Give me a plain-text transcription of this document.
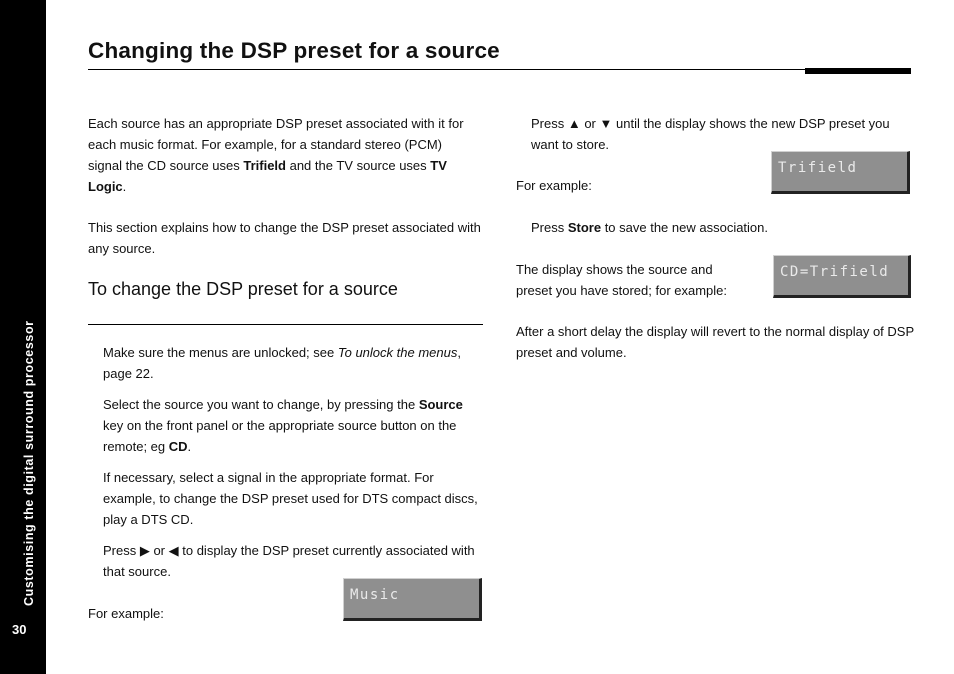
Customising the digital surround processor
30
Changing the DSP preset for a source

Each source has an appropriate DSP preset associated with it for each music format. For example, for a standard stereo (PCM) signal the CD source uses Trifield and the TV source uses TV Logic.

This section explains how to change the DSP preset associated with any source.

To change the DSP preset for a source

Make sure the menus are unlocked; see To unlock the menus, page 22.

Select the source you want to change, by pressing the Source key on the front panel or the appropriate source button on the remote; eg CD.

If necessary, select a signal in the appropriate format. For example, to change the DSP preset used for DTS compact discs, play a DTS CD.

Press ▶ or ◀ to display the DSP preset currently associated with that source.

For example:

Music

Press ▲ or ▼ until the display shows the new DSP preset you want to store.

For example:

Trifield

Press Store to save the new association.

The display shows the source and preset you have stored; for example:

CD=Trifield

After a short delay the display will revert to the normal display of DSP preset and volume.
